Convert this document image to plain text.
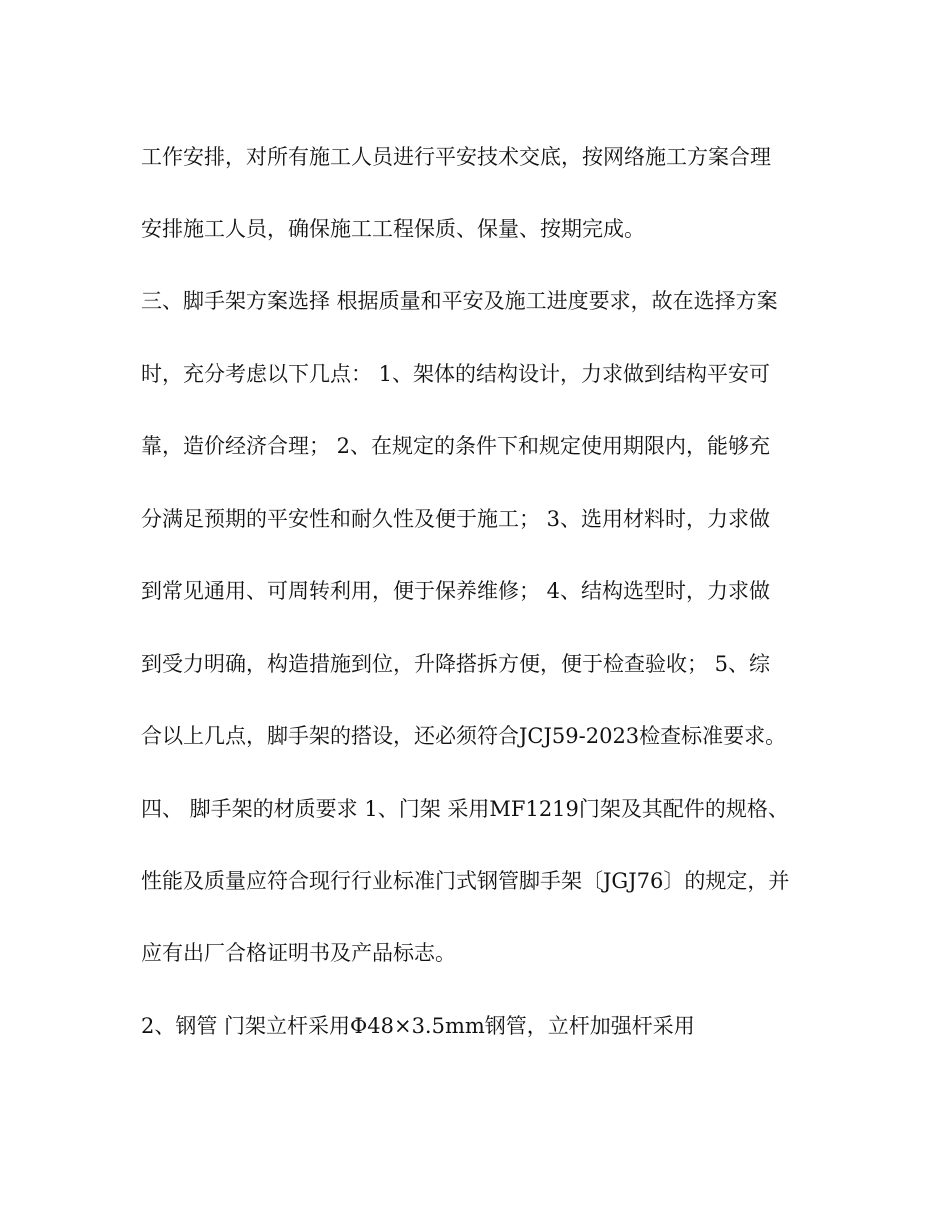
工作安排，对所有施工人员进行平安技术交底，按网络施工方案合理
安排施工人员，确保施工工程保质、保量、按期完成。
三、脚手架方案选择 根据质量和平安及施工进度要求，故在选择方案
时，充分考虑以下几点： 1、架体的结构设计，力求做到结构平安可
靠，造价经济合理； 2、在规定的条件下和规定使用期限内，能够充
分满足预期的平安性和耐久性及便于施工； 3、选用材料时，力求做
到常见通用、可周转利用，便于保养维修； 4、结构选型时，力求做
到受力明确，构造措施到位，升降搭拆方便，便于检查验收； 5、综
合以上几点，脚手架的搭设，还必须符合JCJ59-2023检查标准要求。
四、 脚手架的材质要求 1、门架 采用MF1219门架及其配件的规格、
性能及质量应符合现行行业标准门式钢管脚手架〔JGJ76〕的规定，并
应有出厂合格证明书及产品标志。
2、钢管 门架立杆采用Φ48×3.5mm钢管，立杆加强杆采用
